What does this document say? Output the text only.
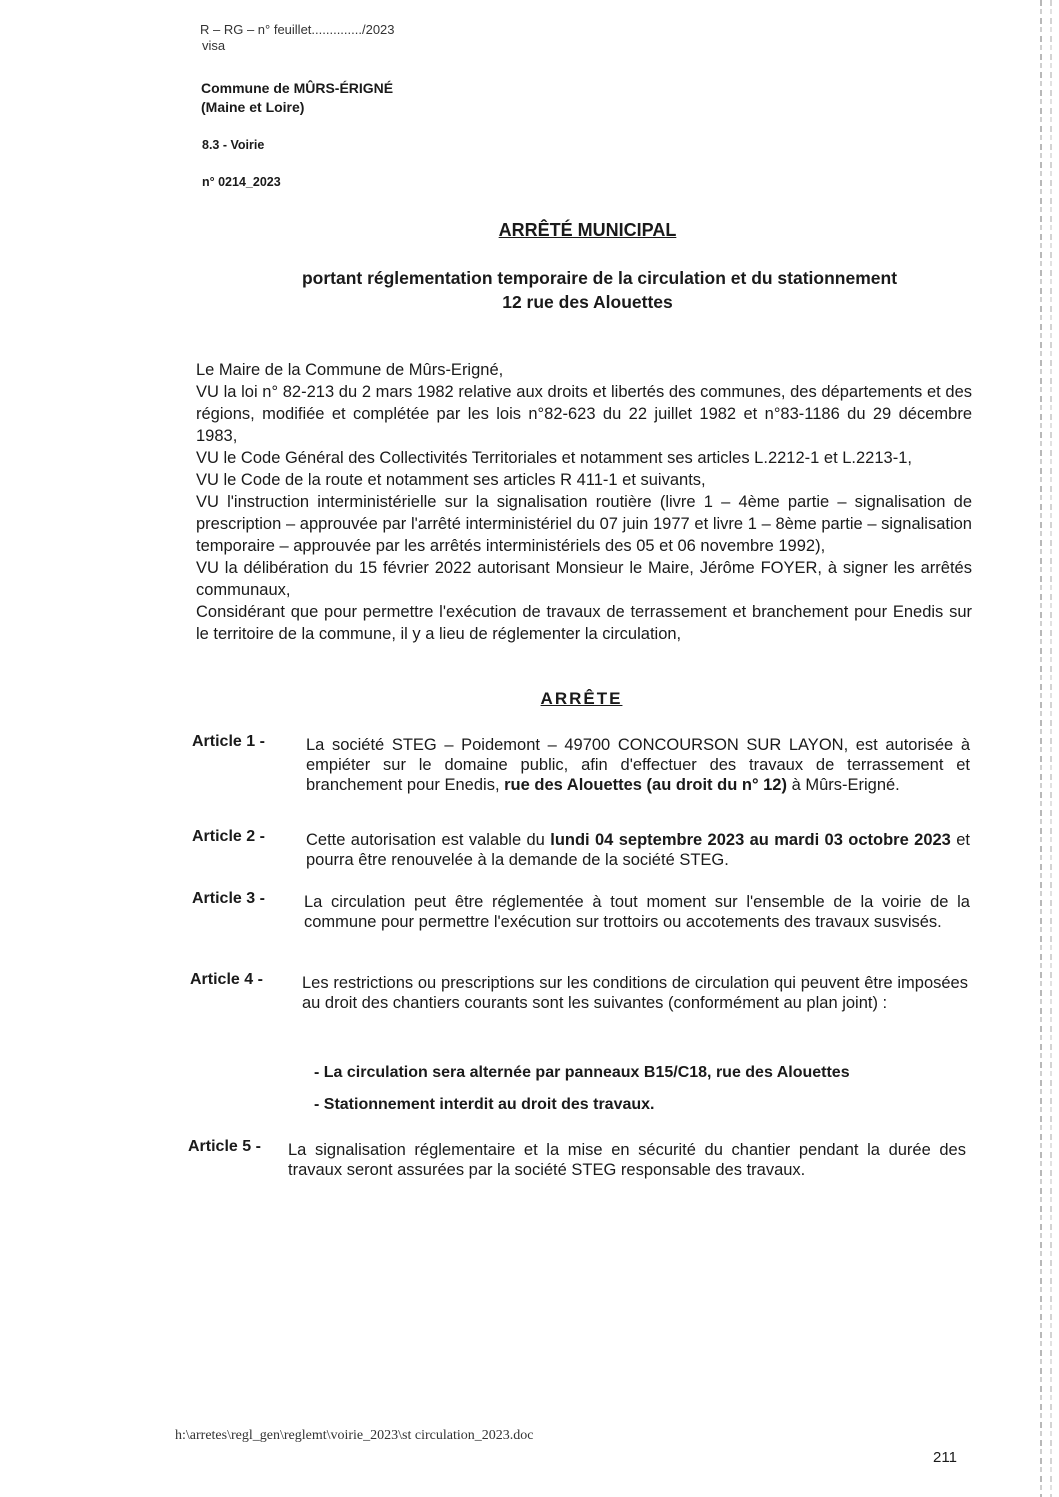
R – RG – n° feuillet............../2023
visa
Commune de MÛRS-ÉRIGNÉ
(Maine et Loire)
8.3 - Voirie
n° 0214_2023
ARRÊTÉ MUNICIPAL
portant réglementation temporaire de la circulation et du stationnement
12 rue des Alouettes
Le Maire de la Commune de Mûrs-Erigné,
VU la loi n° 82-213 du 2 mars 1982 relative aux droits et libertés des communes, des départements et des régions, modifiée et complétée par les lois n°82-623 du 22 juillet 1982 et n°83-1186 du 29 décembre 1983,
VU le Code Général des Collectivités Territoriales et notamment ses articles L.2212-1 et L.2213-1,
VU le Code de la route et notamment ses articles R 411-1 et suivants,
VU l'instruction interministérielle sur la signalisation routière (livre 1 – 4ème partie – signalisation de prescription – approuvée par l'arrêté interministériel du 07 juin 1977 et livre 1 – 8ème partie – signalisation temporaire – approuvée par les arrêtés interministériels des 05 et 06 novembre 1992),
VU la délibération du 15 février 2022 autorisant Monsieur le Maire, Jérôme FOYER, à signer les arrêtés communaux,
Considérant que pour permettre l'exécution de travaux de terrassement et branchement pour Enedis sur le territoire de la commune, il y a lieu de réglementer la circulation,
ARRÊTE
Article 1 - La société STEG – Poidemont – 49700 CONCOURSON SUR LAYON, est autorisée à empiéter sur le domaine public, afin d'effectuer des travaux de terrassement et branchement pour Enedis, rue des Alouettes (au droit du n° 12) à Mûrs-Erigné.
Article 2 - Cette autorisation est valable du lundi 04 septembre 2023 au mardi 03 octobre 2023 et pourra être renouvelée à la demande de la société STEG.
Article 3 - La circulation peut être réglementée à tout moment sur l'ensemble de la voirie de la commune pour permettre l'exécution sur trottoirs ou accotements des travaux susvisés.
Article 4 - Les restrictions ou prescriptions sur les conditions de circulation qui peuvent être imposées au droit des chantiers courants sont les suivantes (conformément au plan joint) :
- La circulation sera alternée par panneaux B15/C18, rue des Alouettes
- Stationnement interdit au droit des travaux.
Article 5 - La signalisation réglementaire et la mise en sécurité du chantier pendant la durée des travaux seront assurées par la société STEG responsable des travaux.
h:\arretes\regl_gen\reglemt\voirie_2023\st circulation_2023.doc
211
